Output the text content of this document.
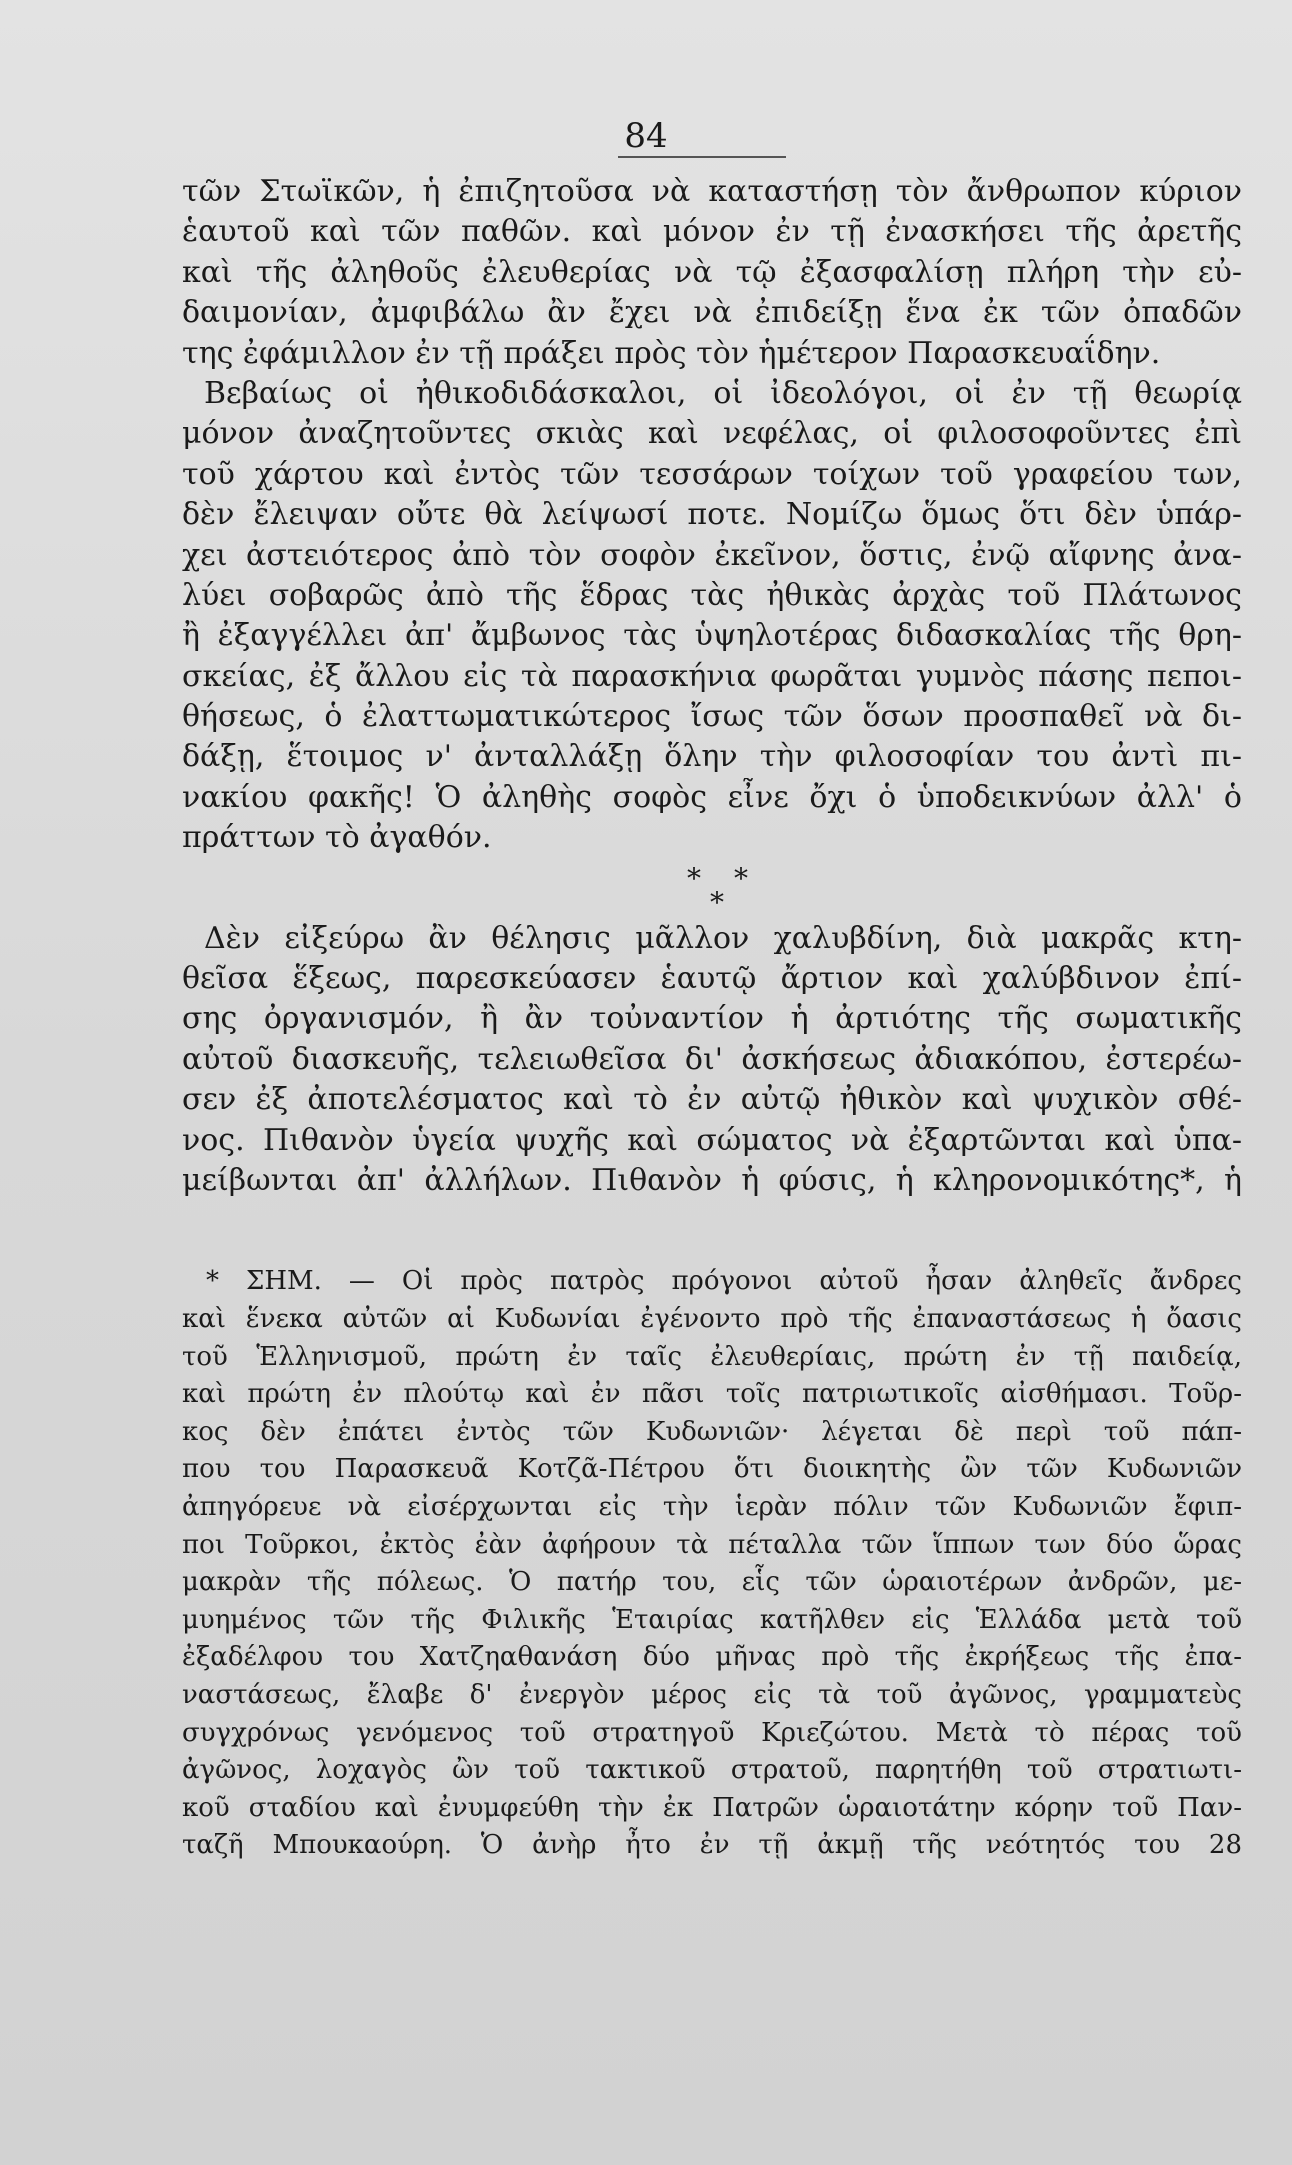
84
τῶν Στωϊκῶν, ἡ ἐπιζητοῦσα νὰ καταστήσῃ τὸν ἄνθρωπον κύριον
ἑαυτοῦ καὶ τῶν παθῶν. καὶ μόνον ἐν τῇ ἐνασκήσει τῆς ἀρετῆς
καὶ τῆς ἀληθοῦς ἐλευθερίας νὰ τῷ ἐξασφαλίσῃ πλήρη τὴν εὐ-
δαιμονίαν, ἀμφιβάλω ἂν ἔχει νὰ ἐπιδείξῃ ἕνα ἐκ τῶν ὀπαδῶν
της ἐφάμιλλον ἐν τῇ πράξει πρὸς τὸν ἡμέτερον Παρασκευαΐδην.
Βεβαίως οἱ ἠθικοδιδάσκαλοι, οἱ ἰδεολόγοι, οἱ ἐν τῇ θεωρίᾳ
μόνον ἀναζητοῦντες σκιὰς καὶ νεφέλας, οἱ φιλοσοφοῦντες ἐπὶ
τοῦ χάρτου καὶ ἐντὸς τῶν τεσσάρων τοίχων τοῦ γραφείου των,
δὲν ἔλειψαν οὔτε θὰ λείψωσί ποτε. Νομίζω ὅμως ὅτι δὲν ὑπάρ-
χει ἀστειότερος ἀπὸ τὸν σοφὸν ἐκεῖνον, ὅστις, ἐνῷ αἴφνης ἀνα-
λύει σοβαρῶς ἀπὸ τῆς ἕδρας τὰς ἠθικὰς ἀρχὰς τοῦ Πλάτωνος
ἢ ἐξαγγέλλει ἀπ' ἄμβωνος τὰς ὑψηλοτέρας διδασκαλίας τῆς θρη-
σκείας, ἐξ ἄλλου εἰς τὰ παρασκήνια φωρᾶται γυμνὸς πάσης πεποι-
θήσεως, ὁ ἐλαττωματικώτερος ἴσως τῶν ὅσων προσπαθεῖ νὰ δι-
δάξῃ, ἕτοιμος ν' ἀνταλλάξῃ ὅλην τὴν φιλοσοφίαν του ἀντὶ πι-
νακίου φακῆς! Ὁ ἀληθὴς σοφὸς εἶνε ὄχι ὁ ὑποδεικνύων ἀλλ' ὁ
πράττων τὸ ἀγαθόν.
* *
*
Δὲν εἰξεύρω ἂν θέλησις μᾶλλον χαλυβδίνη, διὰ μακρᾶς κτη-
θεῖσα ἕξεως, παρεσκεύασεν ἑαυτῷ ἄρτιον καὶ χαλύβδινον ἐπί-
σης ὀργανισμόν, ἢ ἂν τοὐναντίον ἡ ἀρτιότης τῆς σωματικῆς
αὐτοῦ διασκευῆς, τελειωθεῖσα δι' ἀσκήσεως ἀδιακόπου, ἐστερέω-
σεν ἐξ ἀποτελέσματος καὶ τὸ ἐν αὐτῷ ἠθικὸν καὶ ψυχικὸν σθέ-
νος. Πιθανὸν ὑγεία ψυχῆς καὶ σώματος νὰ ἐξαρτῶνται καὶ ὑπα-
μείβωνται ἀπ' ἀλλήλων. Πιθανὸν ἡ φύσις, ἡ κληρονομικότης*, ἡ
* ΣΗΜ. — Οἱ πρὸς πατρὸς πρόγονοι αὐτοῦ ἦσαν ἀληθεῖς ἄνδρες
καὶ ἕνεκα αὐτῶν αἱ Κυδωνίαι ἐγένοντο πρὸ τῆς ἐπαναστάσεως ἡ ὄασις
τοῦ Ἑλληνισμοῦ, πρώτη ἐν ταῖς ἐλευθερίαις, πρώτη ἐν τῇ παιδείᾳ,
καὶ πρώτη ἐν πλούτῳ καὶ ἐν πᾶσι τοῖς πατριωτικοῖς αἰσθήμασι. Τοῦρ-
κος δὲν ἐπάτει ἐντὸς τῶν Κυδωνιῶν· λέγεται δὲ περὶ τοῦ πάπ-
που του Παρασκευᾶ Κοτζᾶ-Πέτρου ὅτι διοικητὴς ὢν τῶν Κυδωνιῶν
ἀπηγόρευε νὰ εἰσέρχωνται εἰς τὴν ἱερὰν πόλιν τῶν Κυδωνιῶν ἔφιπ-
ποι Τοῦρκοι, ἐκτὸς ἐὰν ἀφήρουν τὰ πέταλλα τῶν ἵππων των δύο ὥρας
μακρὰν τῆς πόλεως. Ὁ πατήρ του, εἷς τῶν ὡραιοτέρων ἀνδρῶν, με-
μυημένος τῶν τῆς Φιλικῆς Ἑταιρίας κατῆλθεν εἰς Ἑλλάδα μετὰ τοῦ
ἐξαδέλφου του Χατζηαθανάση δύο μῆνας πρὸ τῆς ἐκρήξεως τῆς ἐπα-
ναστάσεως, ἔλαβε δ' ἐνεργὸν μέρος εἰς τὰ τοῦ ἀγῶνος, γραμματεὺς
συγχρόνως γενόμενος τοῦ στρατηγοῦ Κριεζώτου. Μετὰ τὸ πέρας τοῦ
ἀγῶνος, λοχαγὸς ὢν τοῦ τακτικοῦ στρατοῦ, παρητήθη τοῦ στρατιωτι-
κοῦ σταδίου καὶ ἐνυμφεύθη τὴν ἐκ Πατρῶν ὡραιοτάτην κόρην τοῦ Παν-
ταζῆ Μπουκαούρη. Ὁ ἀνὴρ ἦτο ἐν τῇ ἀκμῇ τῆς νεότητός του 28
